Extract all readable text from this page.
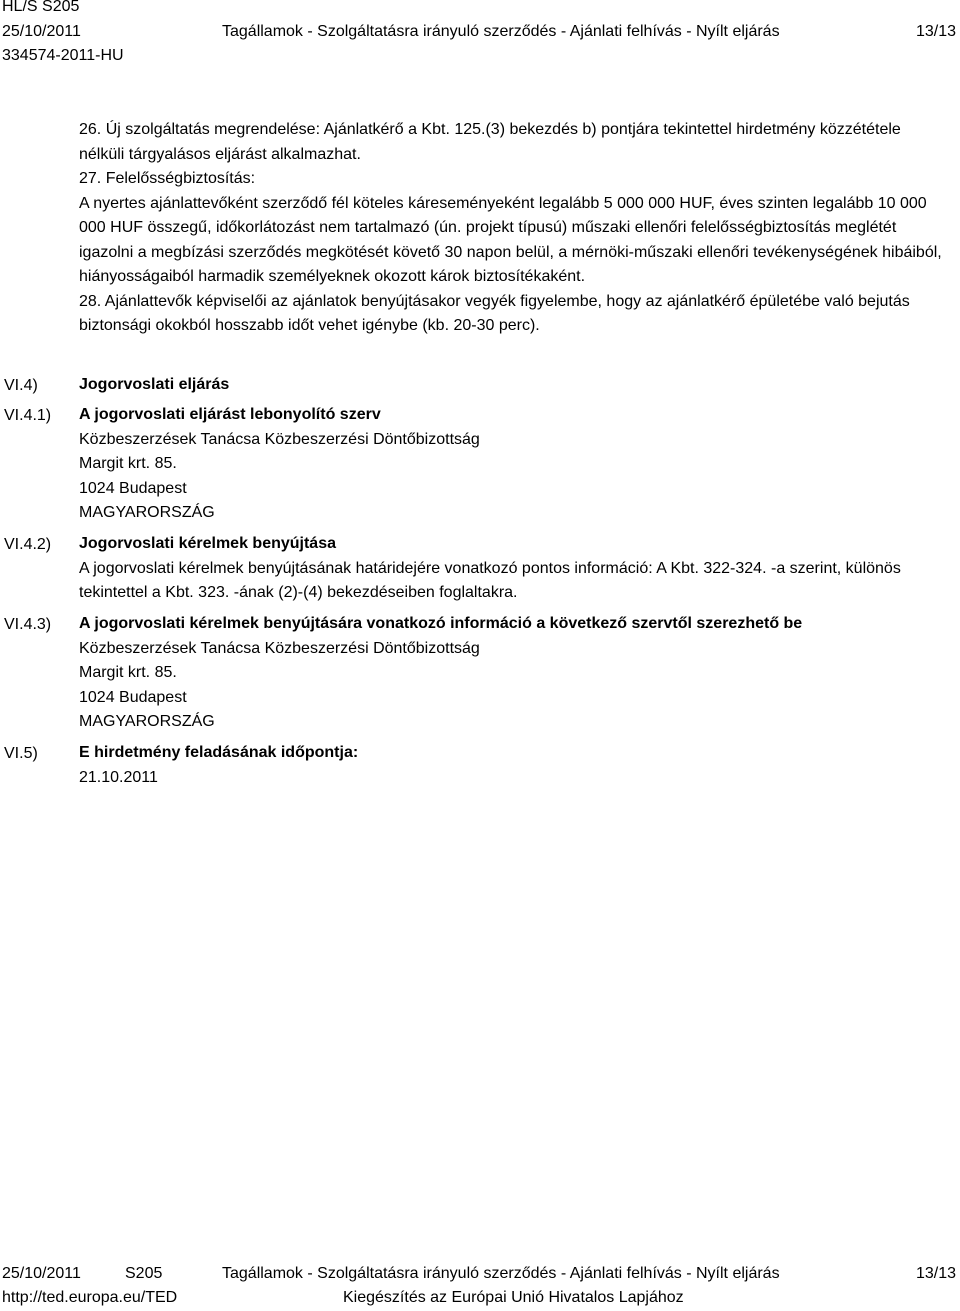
HL/S S205
25/10/2011	Tagállamok - Szolgáltatásra irányuló szerződés - Ajánlati felhívás - Nyílt eljárás	13/13
334574-2011-HU

26. Új szolgáltatás megrendelése: Ajánlatkérő a Kbt. 125.(3) bekezdés b) pontjára tekintettel hirdetmény közzététele nélküli tárgyalásos eljárást alkalmazhat.

27. Felelősségbiztosítás:

A nyertes ajánlattevőként szerződő fél köteles káreseményeként legalább 5 000 000 HUF, éves szinten legalább 10 000 000 HUF összegű, időkorlátozást nem tartalmazó (ún. projekt típusú) műszaki ellenőri felelősségbiztosítás meglétét igazolni a megbízási szerződés megkötését követő 30 napon belül, a mérnöki-műszaki ellenőri tevékenységének hibáiból, hiányosságaiból harmadik személyeknek okozott károk biztosítékaként.

28. Ajánlattevők képviselői az ajánlatok benyújtásakor vegyék figyelembe, hogy az ajánlatkérő épületébe való bejutás biztonsági okokból hosszabb időt vehet igénybe (kb. 20-30 perc).

VI.4)	Jogorvoslati eljárás

VI.4.1)	A jogorvoslati eljárást lebonyolító szerv

Közbeszerzések Tanácsa Közbeszerzési Döntőbizottság

Margit krt. 85.

1024 Budapest

MAGYARORSZÁG

VI.4.2)	Jogorvoslati kérelmek benyújtása

A jogorvoslati kérelmek benyújtásának határidejére vonatkozó pontos információ: A Kbt. 322-324. -a szerint, különös tekintettel a Kbt. 323. -ának (2)-(4) bekezdéseiben foglaltakra.

VI.4.3)	A jogorvoslati kérelmek benyújtására vonatkozó információ a következő szervtől szerezhető be

Közbeszerzések Tanácsa Közbeszerzési Döntőbizottság

Margit krt. 85.

1024 Budapest

MAGYARORSZÁG

VI.5)	E hirdetmény feladásának időpontja:

21.10.2011

25/10/2011	S205	Tagállamok - Szolgáltatásra irányuló szerződés - Ajánlati felhívás - Nyílt eljárás	13/13
http://ted.europa.eu/TED	Kiegészítés az Európai Unió Hivatalos Lapjához
